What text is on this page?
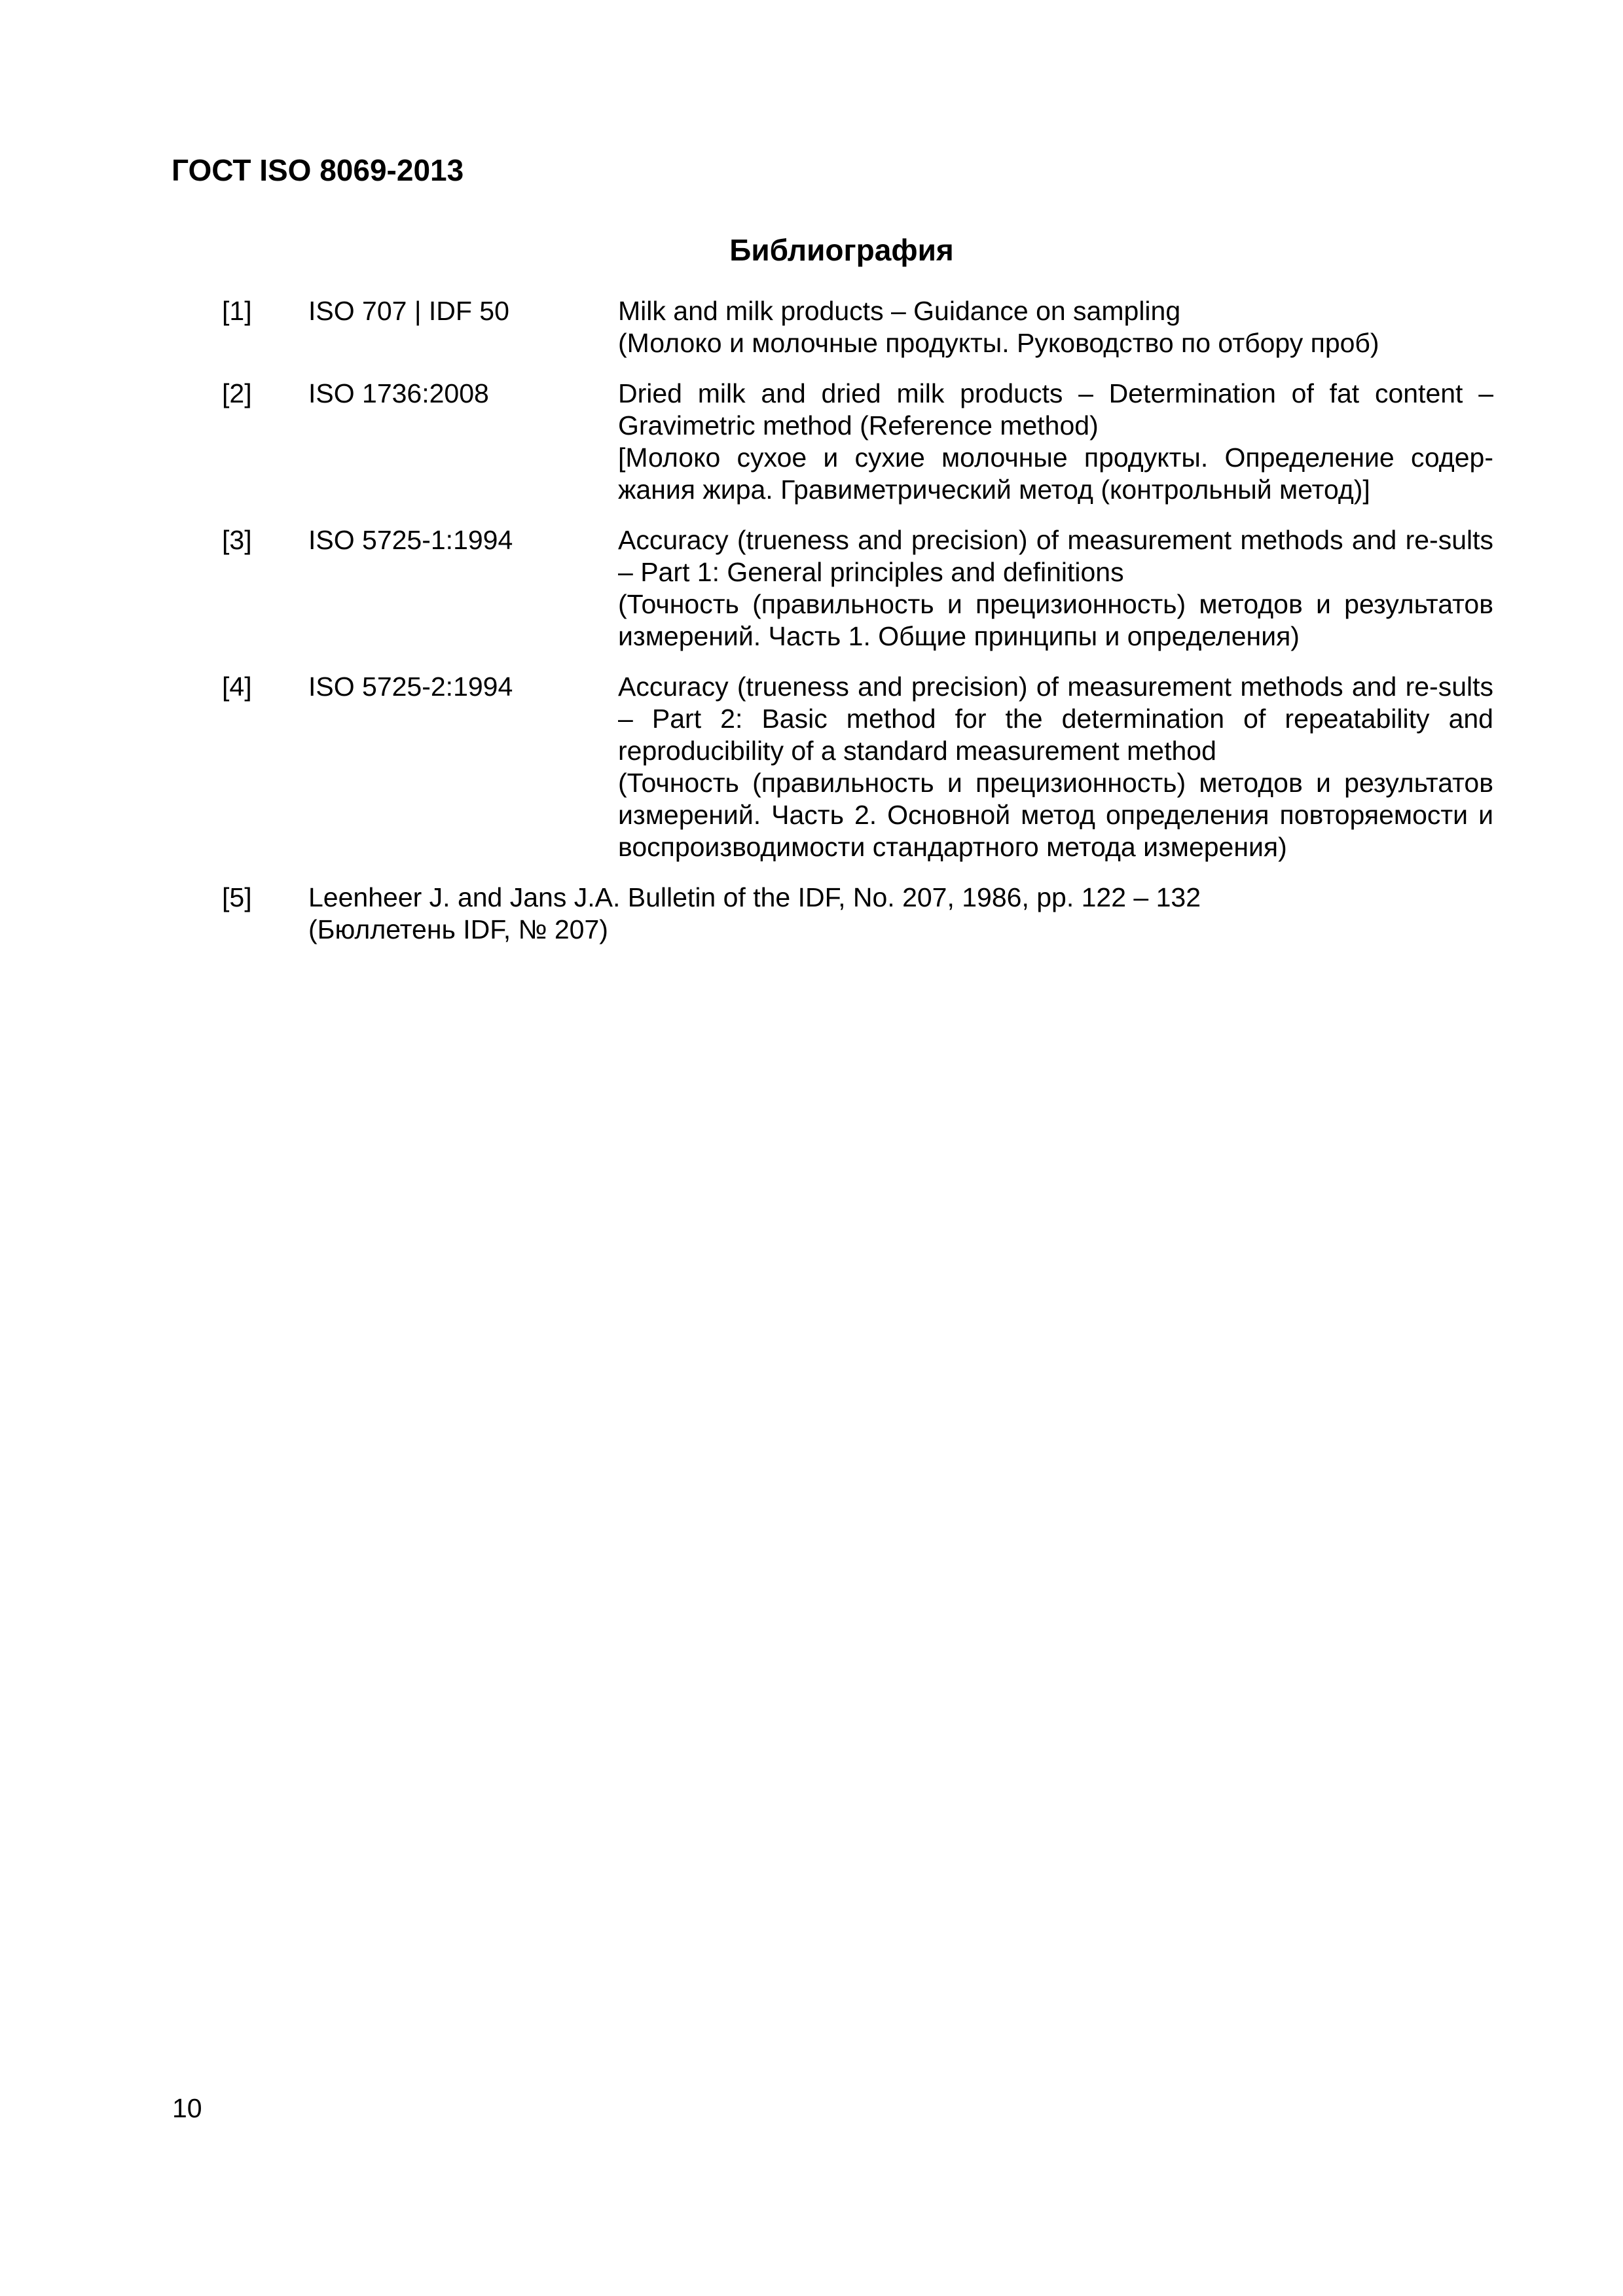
ГОСТ ISO 8069-2013
Библиография
[1] ISO 707 | IDF 50	Milk and milk products – Guidance on sampling

(Молоко и молочные продукты. Руководство по отбору проб)

[2] ISO 1736:2008	Dried milk and dried milk products – Determination of fat content – Gravimetric method (Reference method)

[Молоко сухое и сухие молочные продукты. Определение содер-жания жира. Гравиметрический метод (контрольный метод)]

[3] ISO 5725-1:1994	Accuracy (trueness and precision) of measurement methods and re-sults – Part 1: General principles and definitions

(Точность (правильность и прецизионность) методов и результатов измерений. Часть 1. Общие принципы и определения)

[4] ISO 5725-2:1994	Accuracy (trueness and precision) of measurement methods and re-sults – Part 2: Basic method for the determination of repeatability and reproducibility of a standard measurement method

(Точность (правильность и прецизионность) методов и результатов измерений. Часть 2. Основной метод определения повторяемости и воспроизводимости стандартного метода измерения)

[5] Leenheer J. and Jans J.A. Bulletin of the IDF, No. 207, 1986, pp. 122 – 132

(Бюллетень IDF, № 207)

10
